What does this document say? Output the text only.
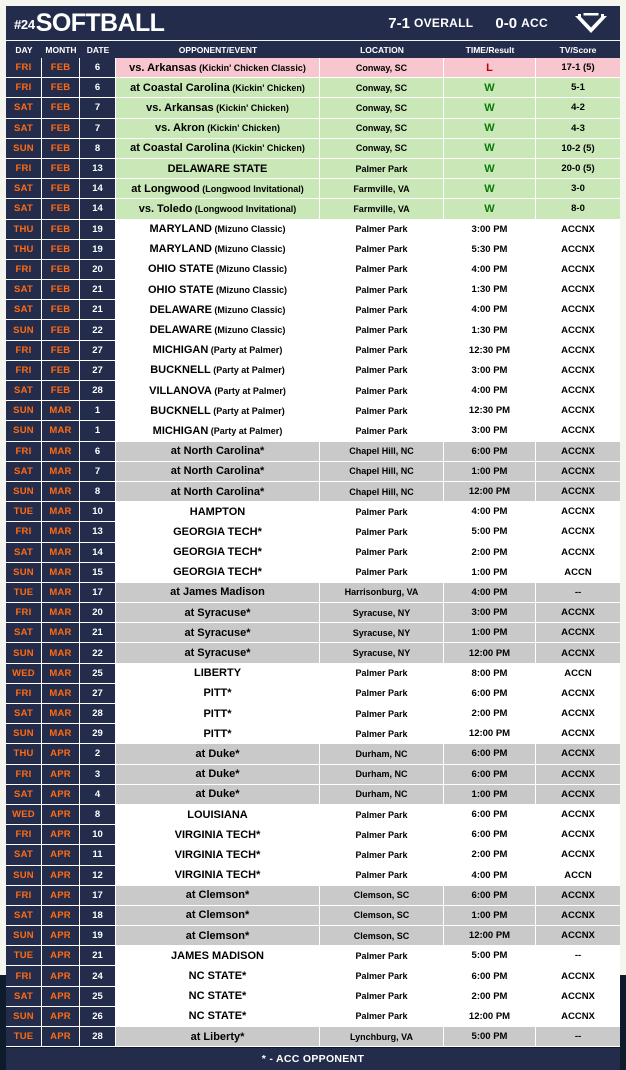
#24 SOFTBALL	7-1 OVERALL	0-0 ACC
DAY	MONTH	DATE	OPPONENT/EVENT	LOCATION	TIME/Result	TV/Score
FRI	FEB	6	vs. Arkansas (Kickin' Chicken Classic)	Conway, SC	L	17-1 (5)
FRI	FEB	6	at Coastal Carolina (Kickin' Chicken)	Conway, SC	W	5-1
SAT	FEB	7	vs. Arkansas (Kickin' Chicken)	Conway, SC	W	4-2
SAT	FEB	7	vs. Akron (Kickin' Chicken)	Conway, SC	W	4-3
SUN	FEB	8	at Coastal Carolina (Kickin' Chicken)	Conway, SC	W	10-2 (5)
FRI	FEB	13	DELAWARE STATE	Palmer Park	W	20-0 (5)
SAT	FEB	14	at Longwood (Longwood Invitational)	Farmville, VA	W	3-0
SAT	FEB	14	vs. Toledo (Longwood Invitational)	Farmville, VA	W	8-0
THU	FEB	19	MARYLAND (Mizuno Classic)	Palmer Park	3:00 PM	ACCNX
THU	FEB	19	MARYLAND (Mizuno Classic)	Palmer Park	5:30 PM	ACCNX
FRI	FEB	20	OHIO STATE (Mizuno Classic)	Palmer Park	4:00 PM	ACCNX
SAT	FEB	21	OHIO STATE (Mizuno Classic)	Palmer Park	1:30 PM	ACCNX
SAT	FEB	21	DELAWARE (Mizuno Classic)	Palmer Park	4:00 PM	ACCNX
SUN	FEB	22	DELAWARE (Mizuno Classic)	Palmer Park	1:30 PM	ACCNX
FRI	FEB	27	MICHIGAN (Party at Palmer)	Palmer Park	12:30 PM	ACCNX
FRI	FEB	27	BUCKNELL (Party at Palmer)	Palmer Park	3:00 PM	ACCNX
SAT	FEB	28	VILLANOVA (Party at Palmer)	Palmer Park	4:00 PM	ACCNX
SUN	MAR	1	BUCKNELL (Party at Palmer)	Palmer Park	12:30 PM	ACCNX
SUN	MAR	1	MICHIGAN (Party at Palmer)	Palmer Park	3:00 PM	ACCNX
FRI	MAR	6	at North Carolina*	Chapel Hill, NC	6:00 PM	ACCNX
SAT	MAR	7	at North Carolina*	Chapel Hill, NC	1:00 PM	ACCNX
SUN	MAR	8	at North Carolina*	Chapel Hill, NC	12:00 PM	ACCNX
TUE	MAR	10	HAMPTON	Palmer Park	4:00 PM	ACCNX
FRI	MAR	13	GEORGIA TECH*	Palmer Park	5:00 PM	ACCNX
SAT	MAR	14	GEORGIA TECH*	Palmer Park	2:00 PM	ACCNX
SUN	MAR	15	GEORGIA TECH*	Palmer Park	1:00 PM	ACCN
TUE	MAR	17	at James Madison	Harrisonburg, VA	4:00 PM	--
FRI	MAR	20	at Syracuse*	Syracuse, NY	3:00 PM	ACCNX
SAT	MAR	21	at Syracuse*	Syracuse, NY	1:00 PM	ACCNX
SUN	MAR	22	at Syracuse*	Syracuse, NY	12:00 PM	ACCNX
WED	MAR	25	LIBERTY	Palmer Park	8:00 PM	ACCN
FRI	MAR	27	PITT*	Palmer Park	6:00 PM	ACCNX
SAT	MAR	28	PITT*	Palmer Park	2:00 PM	ACCNX
SUN	MAR	29	PITT*	Palmer Park	12:00 PM	ACCNX
THU	APR	2	at Duke*	Durham, NC	6:00 PM	ACCNX
FRI	APR	3	at Duke*	Durham, NC	6:00 PM	ACCNX
SAT	APR	4	at Duke*	Durham, NC	1:00 PM	ACCNX
WED	APR	8	LOUISIANA	Palmer Park	6:00 PM	ACCNX
FRI	APR	10	VIRGINIA TECH*	Palmer Park	6:00 PM	ACCNX
SAT	APR	11	VIRGINIA TECH*	Palmer Park	2:00 PM	ACCNX
SUN	APR	12	VIRGINIA TECH*	Palmer Park	4:00 PM	ACCN
FRI	APR	17	at Clemson*	Clemson, SC	6:00 PM	ACCNX
SAT	APR	18	at Clemson*	Clemson, SC	1:00 PM	ACCNX
SUN	APR	19	at Clemson*	Clemson, SC	12:00 PM	ACCNX
TUE	APR	21	JAMES MADISON	Palmer Park	5:00 PM	--
FRI	APR	24	NC STATE*	Palmer Park	6:00 PM	ACCNX
SAT	APR	25	NC STATE*	Palmer Park	2:00 PM	ACCNX
SUN	APR	26	NC STATE*	Palmer Park	12:00 PM	ACCNX
TUE	APR	28	at Liberty*	Lynchburg, VA	5:00 PM	--
* - ACC OPPONENT
